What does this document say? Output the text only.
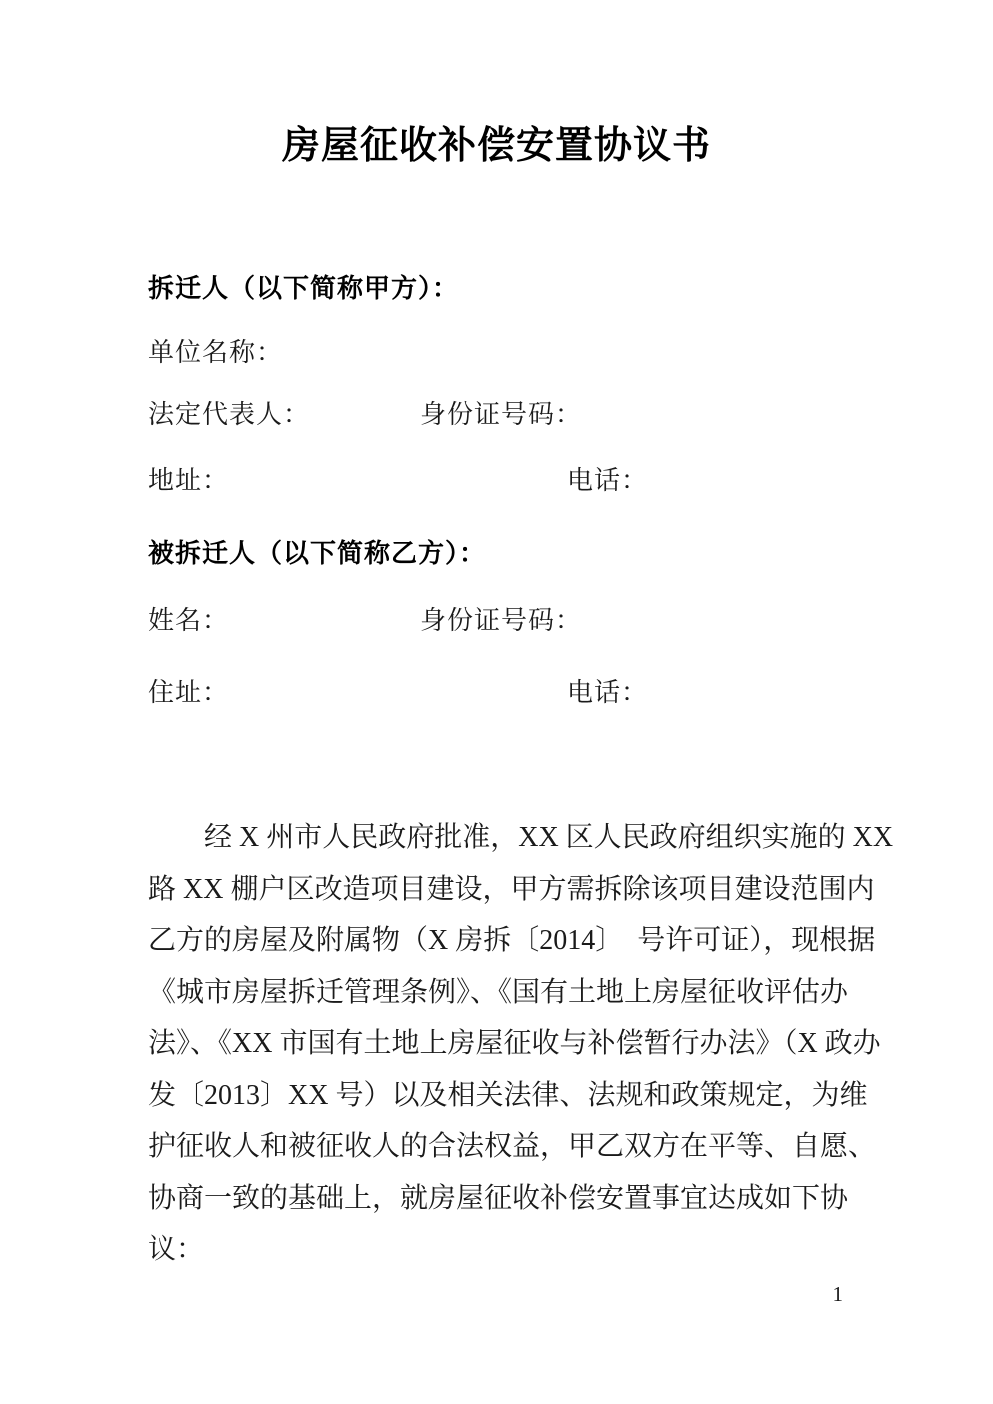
房屋征收补偿安置协议书
拆迁人（以下简称甲方）：
单位名称：
法定代表人：	身份证号码：
地址：	电话：
被拆迁人（以下简称乙方）：
姓名：	身份证号码：
住址：	电话：
经 X 州市人民政府批准，XX 区人民政府组织实施的 XX
路 XX 棚户区改造项目建设，甲方需拆除该项目建设范围内
乙方的房屋及附属物（X 房拆〔2014〕　号许可证），现根据
《城市房屋拆迁管理条例》、《国有土地上房屋征收评估办
法》、《XX 市国有土地上房屋征收与补偿暂行办法》（X 政办
发〔2013〕XX 号）以及相关法律、法规和政策规定，为维
护征收人和被征收人的合法权益，甲乙双方在平等、自愿、
协商一致的基础上，就房屋征收补偿安置事宜达成如下协
议：
1
